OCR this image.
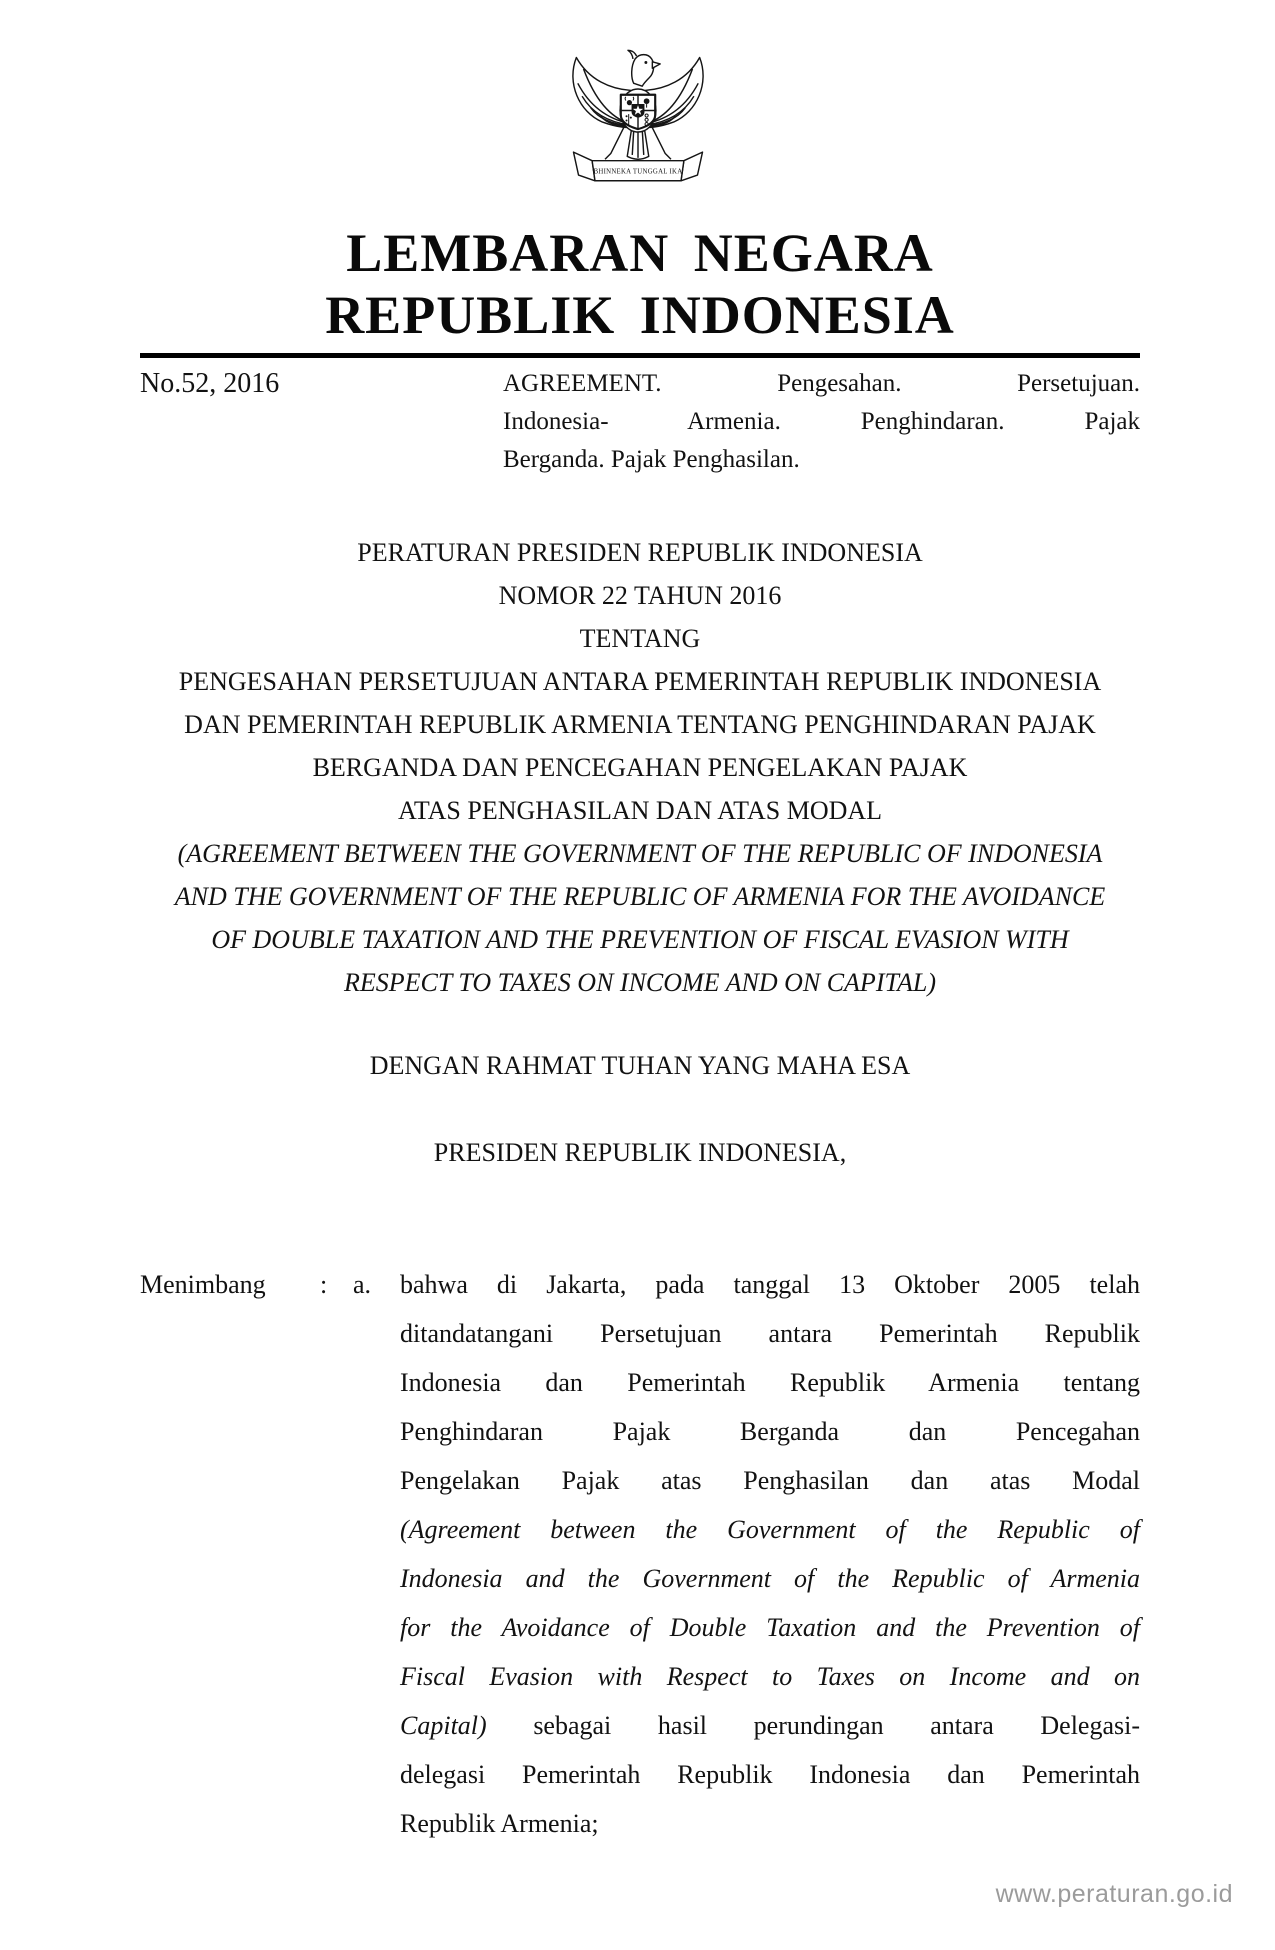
BHINNEKA TUNGGAL IKA
LEMBARAN NEGARA
REPUBLIK INDONESIA
No.52, 2016	AGREEMENT. Pengesahan. Persetujuan.
Indonesia- Armenia. Penghindaran. Pajak
Berganda. Pajak Penghasilan.
PERATURAN PRESIDEN REPUBLIK INDONESIA
NOMOR 22 TAHUN 2016
TENTANG
PENGESAHAN PERSETUJUAN ANTARA PEMERINTAH REPUBLIK INDONESIA
DAN PEMERINTAH REPUBLIK ARMENIA TENTANG PENGHINDARAN PAJAK
BERGANDA DAN PENCEGAHAN PENGELAKAN PAJAK
ATAS PENGHASILAN DAN ATAS MODAL
(AGREEMENT BETWEEN THE GOVERNMENT OF THE REPUBLIC OF INDONESIA
AND THE GOVERNMENT OF THE REPUBLIC OF ARMENIA FOR THE AVOIDANCE
OF DOUBLE TAXATION AND THE PREVENTION OF FISCAL EVASION WITH
RESPECT TO TAXES ON INCOME AND ON CAPITAL)
DENGAN RAHMAT TUHAN YANG MAHA ESA
PRESIDEN REPUBLIK INDONESIA,
Menimbang	: a.	bahwa di Jakarta, pada tanggal 13 Oktober 2005 telah
ditandatangani Persetujuan antara Pemerintah Republik
Indonesia dan Pemerintah Republik Armenia tentang
Penghindaran Pajak Berganda dan Pencegahan
Pengelakan Pajak atas Penghasilan dan atas Modal
(Agreement between the Government of the Republic of
Indonesia and the Government of the Republic of Armenia
for the Avoidance of Double Taxation and the Prevention of
Fiscal Evasion with Respect to Taxes on Income and on
Capital) sebagai hasil perundingan antara Delegasi-
delegasi Pemerintah Republik Indonesia dan Pemerintah
Republik Armenia;
www.peraturan.go.id
